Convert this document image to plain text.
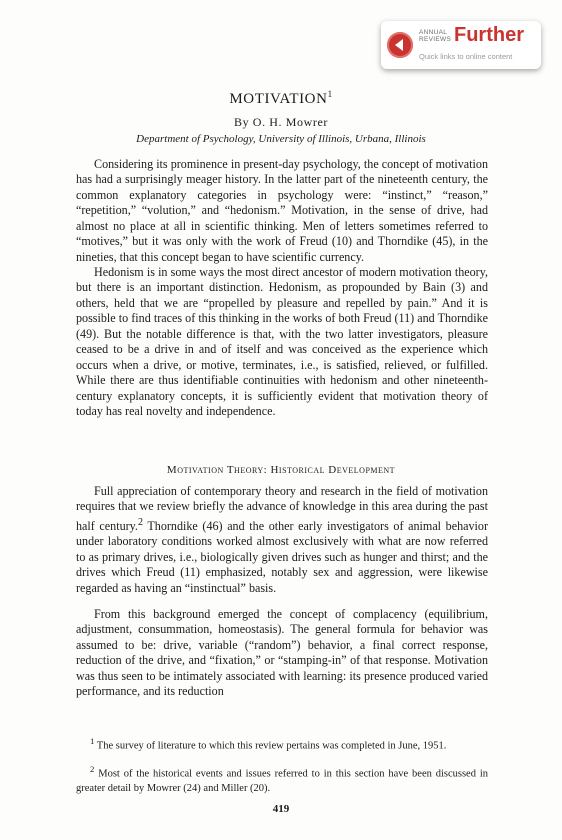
ANNUAL
REVIEWS Further
Quick links to online content
MOTIVATION$^1$
By O. H. Mowrer
Department of Psychology, University of Illinois, Urbana, Illinois

Considering its prominence in present-day psychology, the concept of motivation has had a surprisingly meager history. In the latter part of the nineteenth century, the common explanatory categories in psychology were: “instinct,” “reason,” “repetition,” “volution,” and “hedonism.” Motivation, in the sense of drive, had almost no place at all in scientific thinking. Men of letters sometimes referred to “motives,” but it was only with the work of Freud (10) and Thorndike (45), in the nineties, that this concept began to have scientific currency.

Hedonism is in some ways the most direct ancestor of modern motivation theory, but there is an important distinction. Hedonism, as propounded by Bain (3) and others, held that we are “propelled by pleasure and repelled by pain.” And it is possible to find traces of this thinking in the works of both Freud (11) and Thorndike (49). But the notable difference is that, with the two latter investigators, pleasure ceased to be a drive in and of itself and was conceived as the experience which occurs when a drive, or motive, terminates, i.e., is satisfied, relieved, or fulfilled. While there are thus identifiable continuities with hedonism and other nineteenth-century explanatory concepts, it is sufficiently evident that motivation theory of today has real novelty and independence.

Motivation Theory: Historical Development

Full appreciation of contemporary theory and research in the field of motivation requires that we review briefly the advance of knowledge in this area during the past half century.$^2$ Thorndike (46) and the other early investigators of animal behavior under laboratory conditions worked almost exclusively with what are now referred to as primary drives, i.e., biologically given drives such as hunger and thirst; and the drives which Freud (11) emphasized, notably sex and aggression, were likewise regarded as having an “instinctual” basis.

From this background emerged the concept of complacency (equilibrium, adjustment, consummation, homeostasis). The general formula for behavior was assumed to be: drive, variable (“random”) behavior, a final correct response, reduction of the drive, and “fixation,” or “stamping-in” of that response. Motivation was thus seen to be intimately associated with learning: its presence produced varied performance, and its reduction

$^1$ The survey of literature to which this review pertains was completed in June, 1951.

$^2$ Most of the historical events and issues referred to in this section have been discussed in greater detail by Mowrer (24) and Miller (20).

419
